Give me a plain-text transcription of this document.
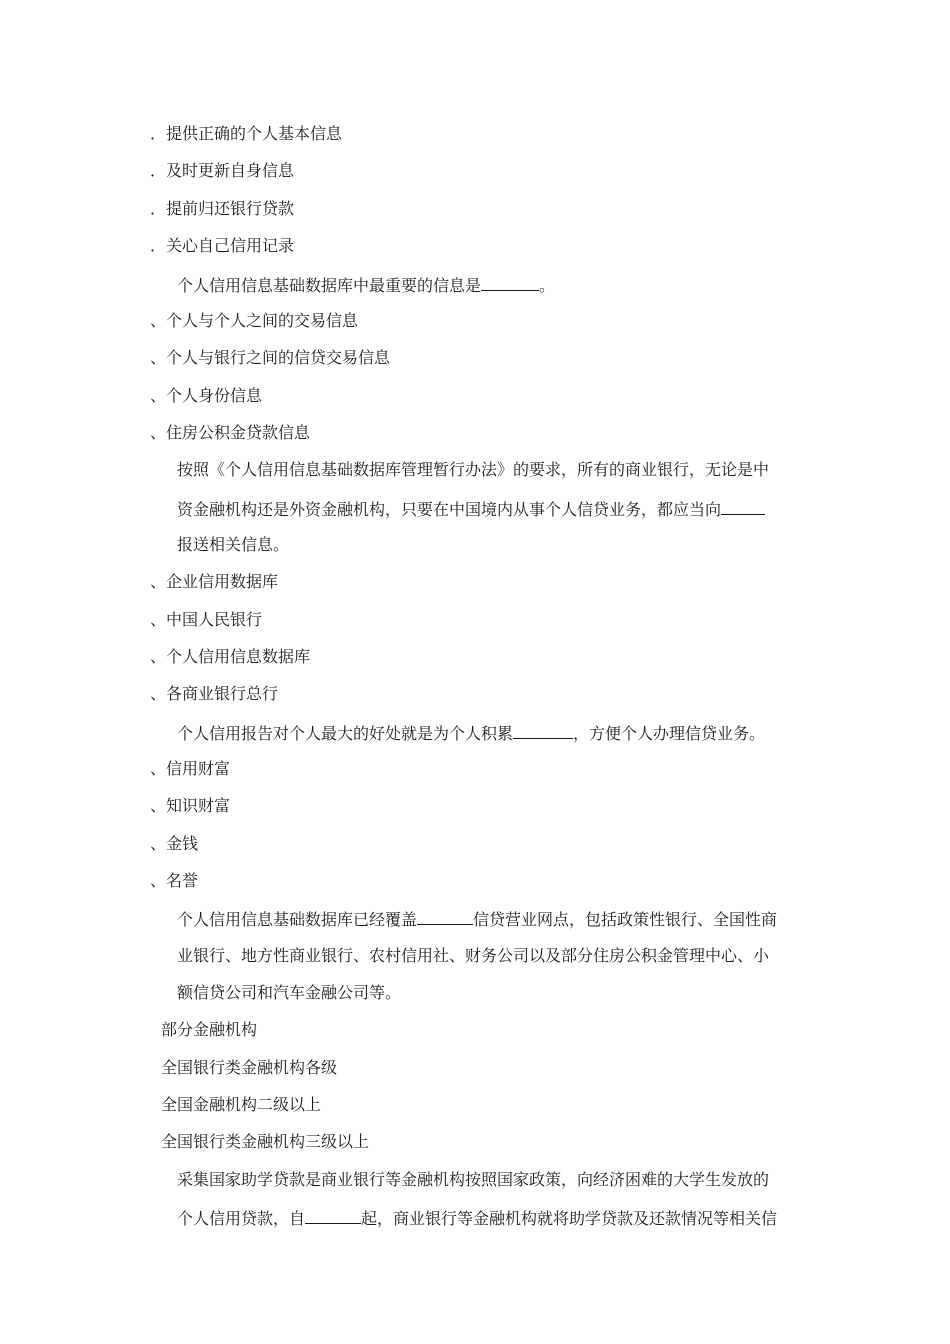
．提供正确的个人基本信息
．及时更新自身信息
．提前归还银行贷款
．关心自己信用记录
个人信用信息基础数据库中最重要的信息是	。
、个人与个人之间的交易信息
、个人与银行之间的信贷交易信息
、个人身份信息
、住房公积金贷款信息
按照《个人信用信息基础数据库管理暂行办法》的要求，所有的商业银行，无论是中
资金融机构还是外资金融机构，只要在中国境内从事个人信贷业务，都应当向
报送相关信息。
、企业信用数据库
、中国人民银行
、个人信用信息数据库
、各商业银行总行
个人信用报告对个人最大的好处就是为个人积累	，方便个人办理信贷业务。
、信用财富
、知识财富
、金钱
、名誉
个人信用信息基础数据库已经覆盖	信贷营业网点，包括政策性银行、全国性商
业银行、地方性商业银行、农村信用社、财务公司以及部分住房公积金管理中心、小
额信贷公司和汽车金融公司等。
部分金融机构
全国银行类金融机构各级
全国金融机构二级以上
全国银行类金融机构三级以上
采集国家助学贷款是商业银行等金融机构按照国家政策，向经济困难的大学生发放的
个人信用贷款，自	起，商业银行等金融机构就将助学贷款及还款情况等相关信
